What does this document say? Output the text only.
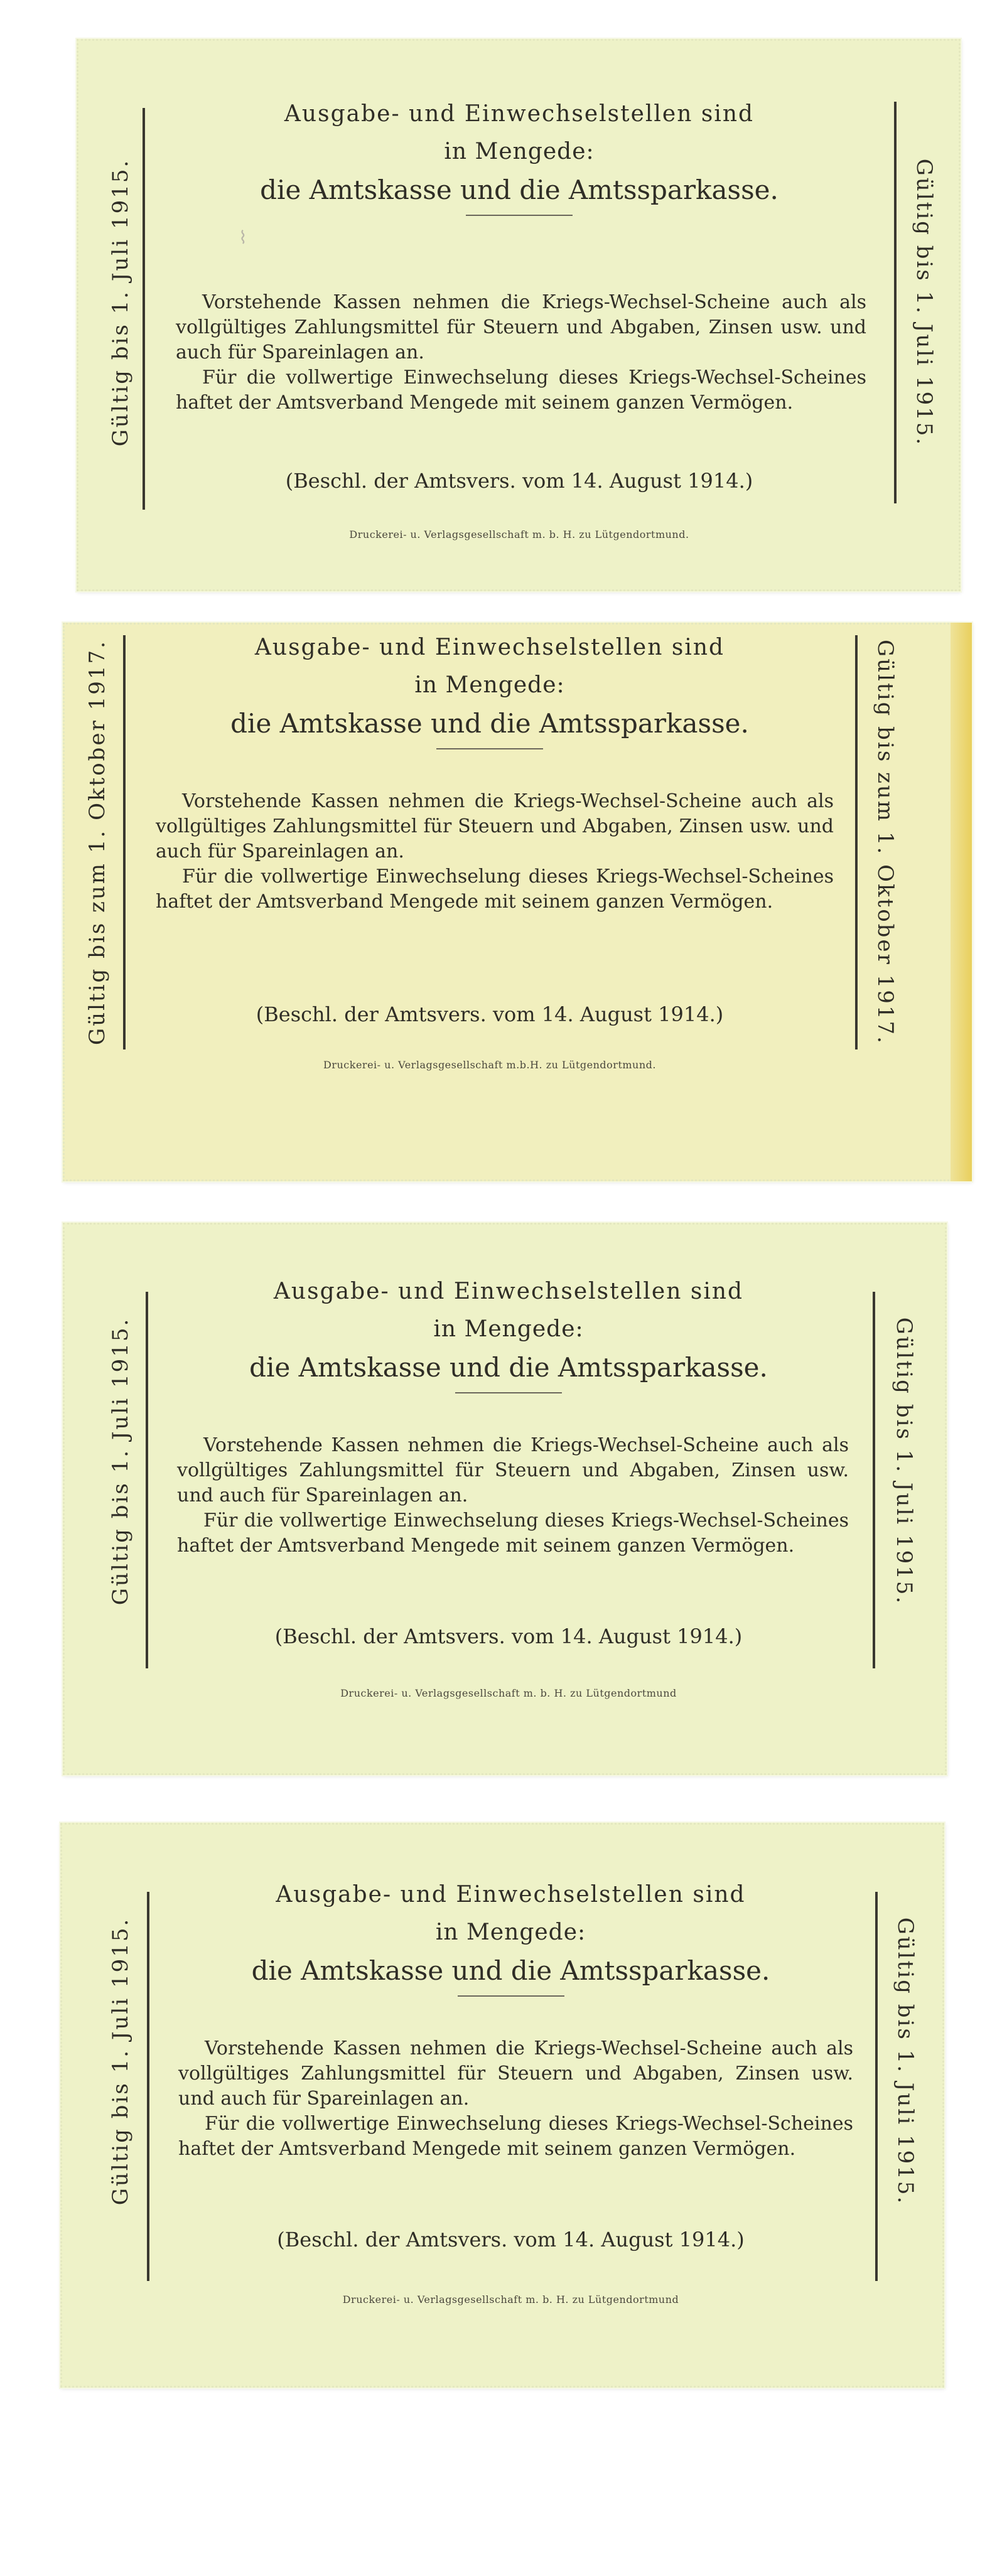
Gültig bis 1. Juli 1915.	Gültig bis 1. Juli 1915.
Ausgabe- und Einwechselstellen sind
in Mengede:
die Amtskasse und die Amtssparkasse.

Vorstehende Kassen nehmen die Kriegs-Wechsel-Scheine auch als vollgültiges Zahlungsmittel für Steuern und Abgaben, Zinsen usw. und auch für Spareinlagen an.

Für die vollwertige Einwechselung dieses Kriegs-Wechsel-Scheines haftet der Amtsverband Mengede mit seinem ganzen Vermögen.

(Beschl. der Amtsvers. vom 14. August 1914.)
Druckerei- u. Verlagsgesellschaft m. b. H. zu Lütgendortmund.
⌇
Gültig bis zum 1. Oktober 1917.	Gültig bis zum 1. Oktober 1917.
Ausgabe- und Einwechselstellen sind
in Mengede:
die Amtskasse und die Amtssparkasse.

Vorstehende Kassen nehmen die Kriegs-Wechsel-Scheine auch als vollgültiges Zahlungsmittel für Steuern und Abgaben, Zinsen usw. und auch für Spareinlagen an.

Für die vollwertige Einwechselung dieses Kriegs-Wechsel-Scheines haftet der Amtsverband Mengede mit seinem ganzen Vermögen.

(Beschl. der Amtsvers. vom 14. August 1914.)
Druckerei- u. Verlagsgesellschaft m.b.H. zu Lütgendortmund.
Gültig bis 1. Juli 1915.	Gültig bis 1. Juli 1915.
Ausgabe- und Einwechselstellen sind
in Mengede:
die Amtskasse und die Amtssparkasse.

Vorstehende Kassen nehmen die Kriegs-Wechsel-Scheine auch als vollgültiges Zahlungsmittel für Steuern und Abgaben, Zinsen usw. und auch für Spareinlagen an.

Für die vollwertige Einwechselung dieses Kriegs-Wechsel-Scheines haftet der Amtsverband Mengede mit seinem ganzen Vermögen.

(Beschl. der Amtsvers. vom 14. August 1914.)
Druckerei- u. Verlagsgesellschaft m. b. H. zu Lütgendortmund
Gültig bis 1. Juli 1915.	Gültig bis 1. Juli 1915.
Ausgabe- und Einwechselstellen sind
in Mengede:
die Amtskasse und die Amtssparkasse.

Vorstehende Kassen nehmen die Kriegs-Wechsel-Scheine auch als vollgültiges Zahlungsmittel für Steuern und Abgaben, Zinsen usw. und auch für Spareinlagen an.

Für die vollwertige Einwechselung dieses Kriegs-Wechsel-Scheines haftet der Amtsverband Mengede mit seinem ganzen Vermögen.

(Beschl. der Amtsvers. vom 14. August 1914.)
Druckerei- u. Verlagsgesellschaft m. b. H. zu Lütgendortmund
